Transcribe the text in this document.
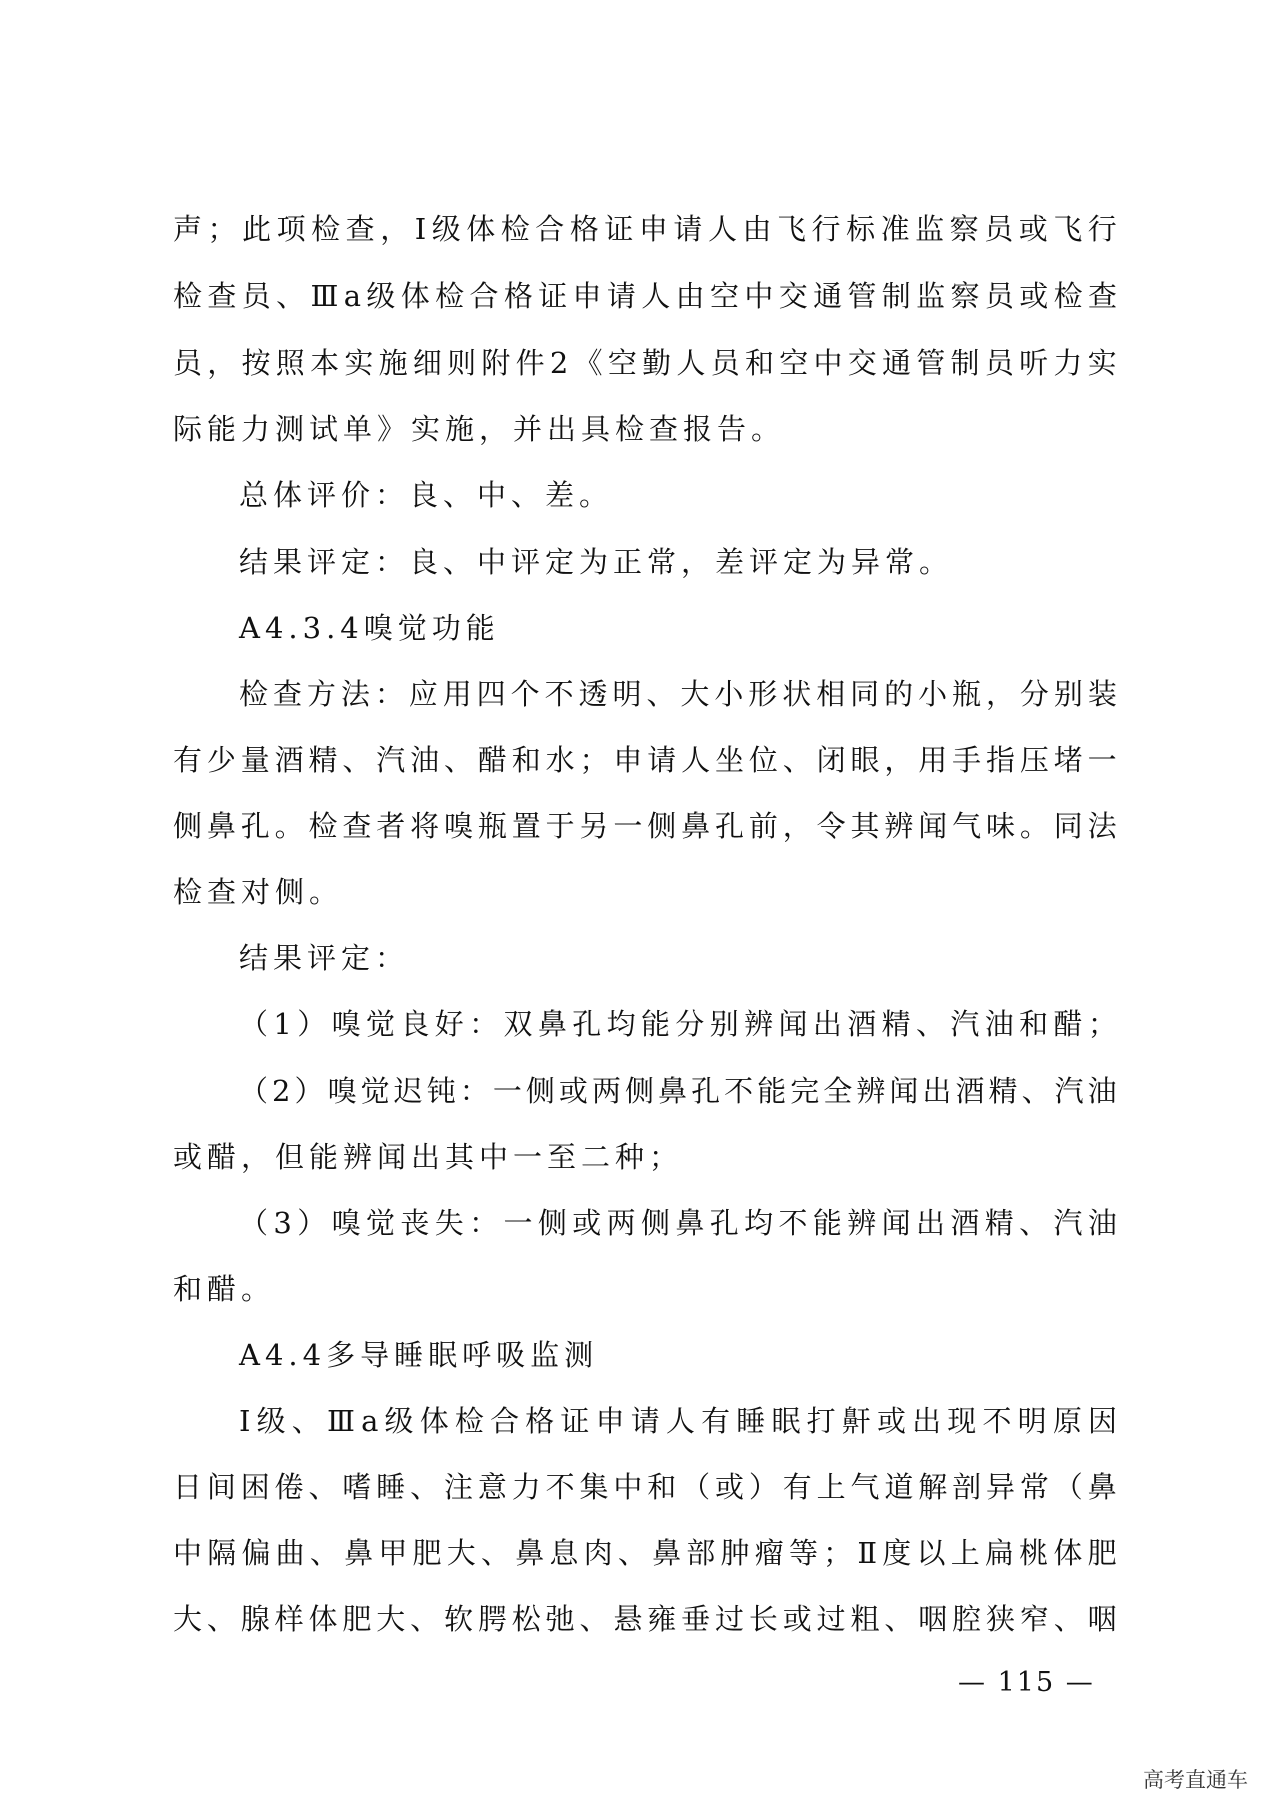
声 ； 此 项 检 查 ， Ⅰ 级 体 检 合 格 证 申 请 人 由 飞 行 标 准 监 察 员 或 飞 行
检 查 员 、 Ⅲ a 级 体 检 合 格 证 申 请 人 由 空 中 交 通 管 制 监 察 员 或 检 查
员 ， 按 照 本 实 施 细 则 附 件 2 《 空 勤 人 员 和 空 中 交 通 管 制 员 听 力 实
际能力测试单》实施，并出具检查报告。
总体评价：良、中、差。
结果评定：良、中评定为正常，差评定为异常。
A4.3.4嗅觉功能
检 查 方 法 ： 应 用 四 个 不 透 明 、 大 小 形 状 相 同 的 小 瓶 ， 分 别 装
有 少 量 酒 精 、 汽 油 、 醋 和 水 ； 申 请 人 坐 位 、 闭 眼 ， 用 手 指 压 堵 一
侧 鼻 孔 。 检 查 者 将 嗅 瓶 置 于 另 一 侧 鼻 孔 前 ， 令 其 辨 闻 气 味 。 同 法
检查对侧。
结果评定：
（ 1 ） 嗅 觉 良 好 ： 双 鼻 孔 均 能 分 别 辨 闻 出 酒 精 、 汽 油 和 醋 ；
（ 2 ） 嗅 觉 迟 钝 ： 一 侧 或 两 侧 鼻 孔 不 能 完 全 辨 闻 出 酒 精 、 汽 油
或醋，但能辨闻出其中一至二种；
（ 3 ） 嗅 觉 丧 失 ： 一 侧 或 两 侧 鼻 孔 均 不 能 辨 闻 出 酒 精 、 汽 油
和醋。
A4.4多导睡眠呼吸监测
Ⅰ 级 、 Ⅲ a 级 体 检 合 格 证 申 请 人 有 睡 眠 打 鼾 或 出 现 不 明 原 因
日 间 困 倦 、 嗜 睡 、 注 意 力 不 集 中 和 （ 或 ） 有 上 气 道 解 剖 异 常 （ 鼻
中 隔 偏 曲 、 鼻 甲 肥 大 、 鼻 息 肉 、 鼻 部 肿 瘤 等 ； Ⅱ 度 以 上 扁 桃 体 肥
大 、 腺 样 体 肥 大 、 软 腭 松 弛 、 悬 雍 垂 过 长 或 过 粗 、 咽 腔 狭 窄 、 咽
— 115 —
高考直通车
